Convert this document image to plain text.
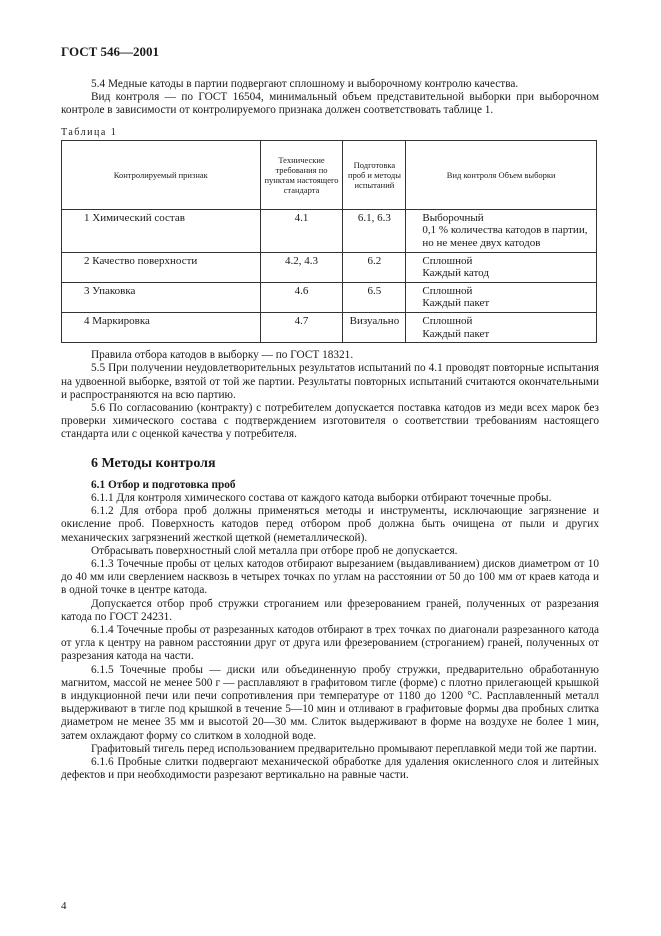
ГОСТ 546—2001

5.4 Медные катоды в партии подвергают сплошному и выборочному контролю качества.

Вид контроля — по ГОСТ 16504, минимальный объем представительной выборки при выборочном контроле в зависимости от контролируемого признака должен соответствовать таблице 1.

Таблица 1

Контролируемый признак	Технические требования по пунктам настоящего стандарта	Подготовка проб и методы испытаний	Вид контроля Объем выборки
1 Химический состав	4.1	6.1, 6.3	Выборочный
0,1 % количества катодов в партии, но не менее двух катодов

2 Качество поверхности	4.2, 4.3	6.2	Сплошной
Каждый катод

3 Упаковка	4.6	6.5	Сплошной
Каждый пакет

4 Маркировка	4.7	Визуально	Сплошной
Каждый пакет

Правила отбора катодов в выборку — по ГОСТ 18321.

5.5 При получении неудовлетворительных результатов испытаний по 4.1 проводят повторные испытания на удвоенной выборке, взятой от той же партии. Результаты повторных испытаний считаются окончательными и распространяются на всю партию.

5.6 По согласованию (контракту) с потребителем допускается поставка катодов из меди всех марок без проверки химического состава с подтверждением изготовителя о соответствии требованиям настоящего стандарта или с оценкой качества у потребителя.

6 Методы контроля

6.1 Отбор и подготовка проб

6.1.1 Для контроля химического состава от каждого катода выборки отбирают точечные пробы.

6.1.2 Для отбора проб должны применяться методы и инструменты, исключающие загрязнение и окисление проб. Поверхность катодов перед отбором проб должна быть очищена от пыли и других механических загрязнений жесткой щеткой (неметаллической).

Отбрасывать поверхностный слой металла при отборе проб не допускается.

6.1.3 Точечные пробы от целых катодов отбирают вырезанием (выдавливанием) дисков диаметром от 10 до 40 мм или сверлением насквозь в четырех точках по углам на расстоянии от 50 до 100 мм от краев катода и в одной точке в центре катода.

Допускается отбор проб стружки строганием или фрезерованием граней, полученных от разрезания катода по ГОСТ 24231.

6.1.4 Точечные пробы от разрезанных катодов отбирают в трех точках по диагонали разрезанного катода от угла к центру на равном расстоянии друг от друга или фрезерованием (строганием) граней, полученных от разрезания катода на части.

6.1.5 Точечные пробы — диски или объединенную пробу стружки, предварительно обработанную магнитом, массой не менее 500 г — расплавляют в графитовом тигле (форме) с плотно прилегающей крышкой в индукционной печи или печи сопротивления при температуре от 1180 до 1200 °С. Расплавленный металл выдерживают в тигле под крышкой в течение 5—10 мин и отливают в графитовые формы два пробных слитка диаметром не менее 35 мм и высотой 20—30 мм. Слиток выдерживают в форме на воздухе не более 1 мин, затем охлаждают форму со слитком в холодной воде.

Графитовый тигель перед использованием предварительно промывают переплавкой меди той же партии.

6.1.6 Пробные слитки подвергают механической обработке для удаления окисленного слоя и литейных дефектов и при необходимости разрезают вертикально на равные части.

4
